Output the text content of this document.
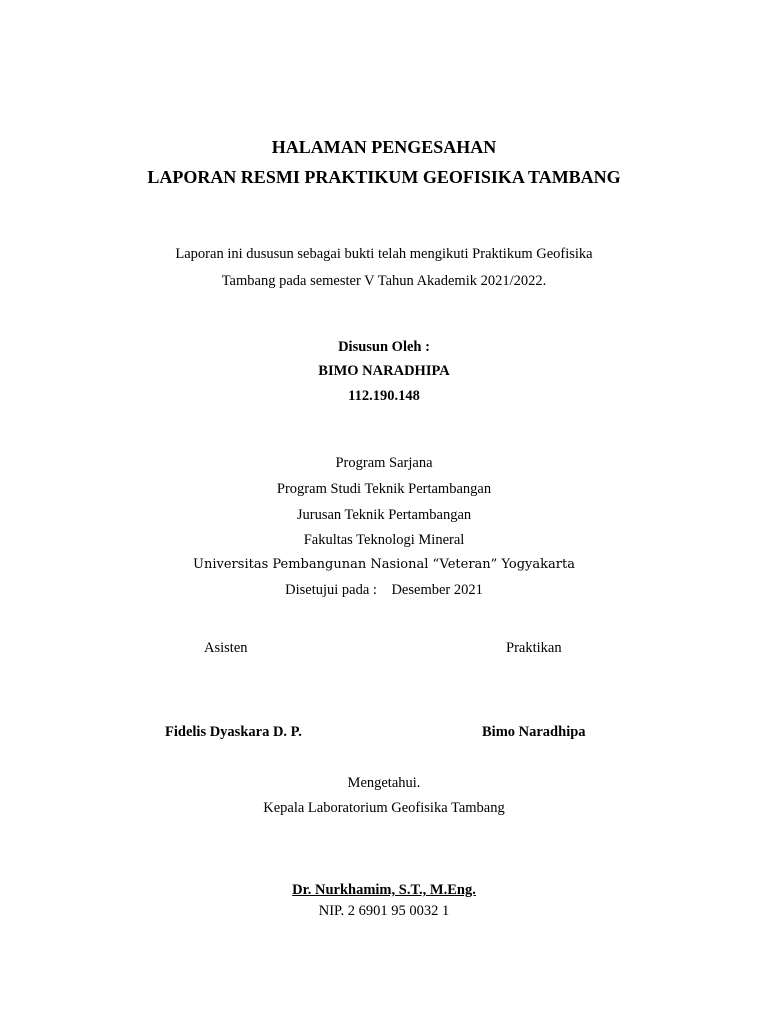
HALAMAN PENGESAHAN
LAPORAN RESMI PRAKTIKUM GEOFISIKA TAMBANG
Laporan ini dususun sebagai bukti telah mengikuti Praktikum Geofisika
Tambang pada semester V Tahun Akademik 2021/2022.
Disusun Oleh :
BIMO NARADHIPA
112.190.148
Program Sarjana
Program Studi Teknik Pertambangan
Jurusan Teknik Pertambangan
Fakultas Teknologi Mineral
Universitas Pembangunan Nasional “Veteran” Yogyakarta
Disetujui pada : Desember 2021
Asisten	Praktikan
Fidelis Dyaskara D. P.	Bimo Naradhipa
Mengetahui.
Kepala Laboratorium Geofisika Tambang
Dr. Nurkhamim, S.T., M.Eng.
NIP. 2 6901 95 0032 1
